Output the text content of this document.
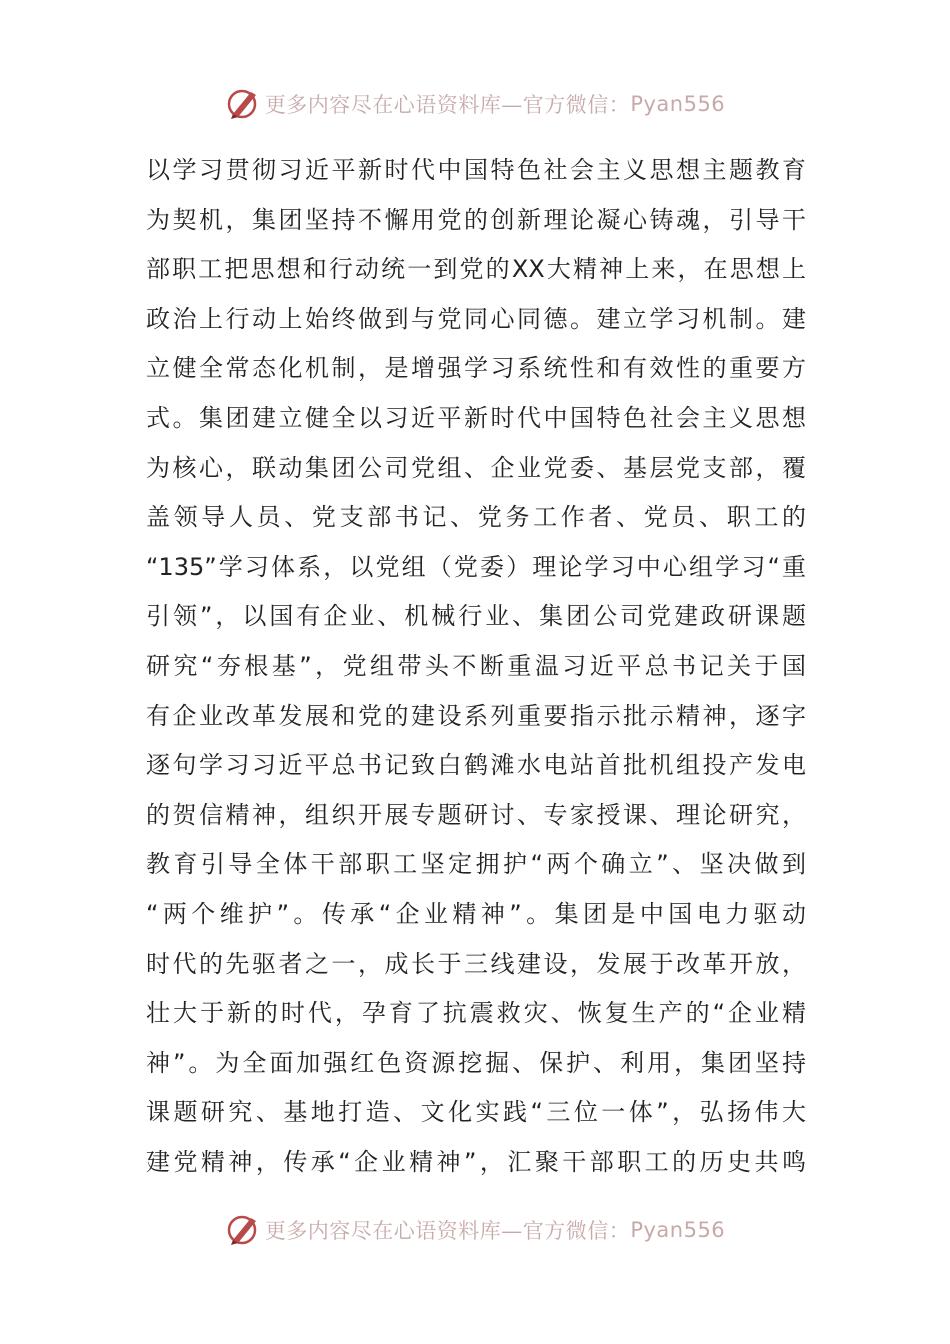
更多内容尽在心语资料库—官方微信： Pyan556
以学习贯彻习近平新时代中国特色社会主义思想主题教育
为契机，集团坚持不懈用党的创新理论凝心铸魂，引导干
部职工把思想和行动统一到党的XX大精神上来，在思想上
政治上行动上始终做到与党同心同德。建立学习机制。建
立健全常态化机制，是增强学习系统性和有效性的重要方
式。集团建立健全以习近平新时代中国特色社会主义思想
为核心，联动集团公司党组、企业党委、基层党支部，覆
盖领导人员、党支部书记、党务工作者、党员、职工的
“135”学习体系，以党组（党委）理论学习中心组学习“重
引领”，以国有企业、机械行业、集团公司党建政研课题
研究“夯根基”，党组带头不断重温习近平总书记关于国
有企业改革发展和党的建设系列重要指示批示精神，逐字
逐句学习习近平总书记致白鹤滩水电站首批机组投产发电
的贺信精神，组织开展专题研讨、专家授课、理论研究，
教育引导全体干部职工坚定拥护“两个确立”、坚决做到
“两个维护”。传承“企业精神”。集团是中国电力驱动
时代的先驱者之一，成长于三线建设，发展于改革开放，
壮大于新的时代，孕育了抗震救灾、恢复生产的“企业精
神”。为全面加强红色资源挖掘、保护、利用，集团坚持
课题研究、基地打造、文化实践“三位一体”，弘扬伟大
建党精神，传承“企业精神”，汇聚干部职工的历史共鸣
更多内容尽在心语资料库—官方微信： Pyan556
